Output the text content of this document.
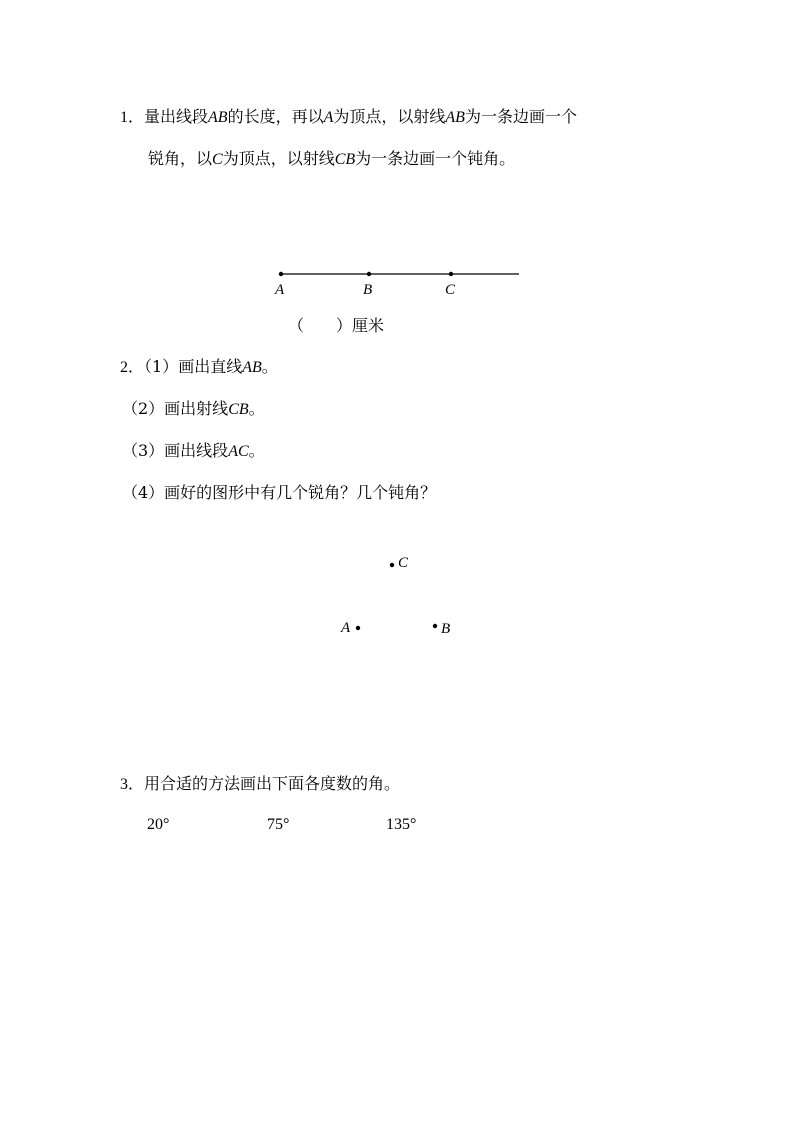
1．量出线段AB的长度，再以A为顶点，以射线AB为一条边画一个
锐角，以C为顶点，以射线CB为一条边画一个钝角。
A	B	C
C
A	B
（　　）厘米
2．（1）画出直线AB。
（2）画出射线CB。
（3）画出线段AC。
（4）画好的图形中有几个锐角？几个钝角？
3．用合适的方法画出下面各度数的角。
20°	75°	135°
